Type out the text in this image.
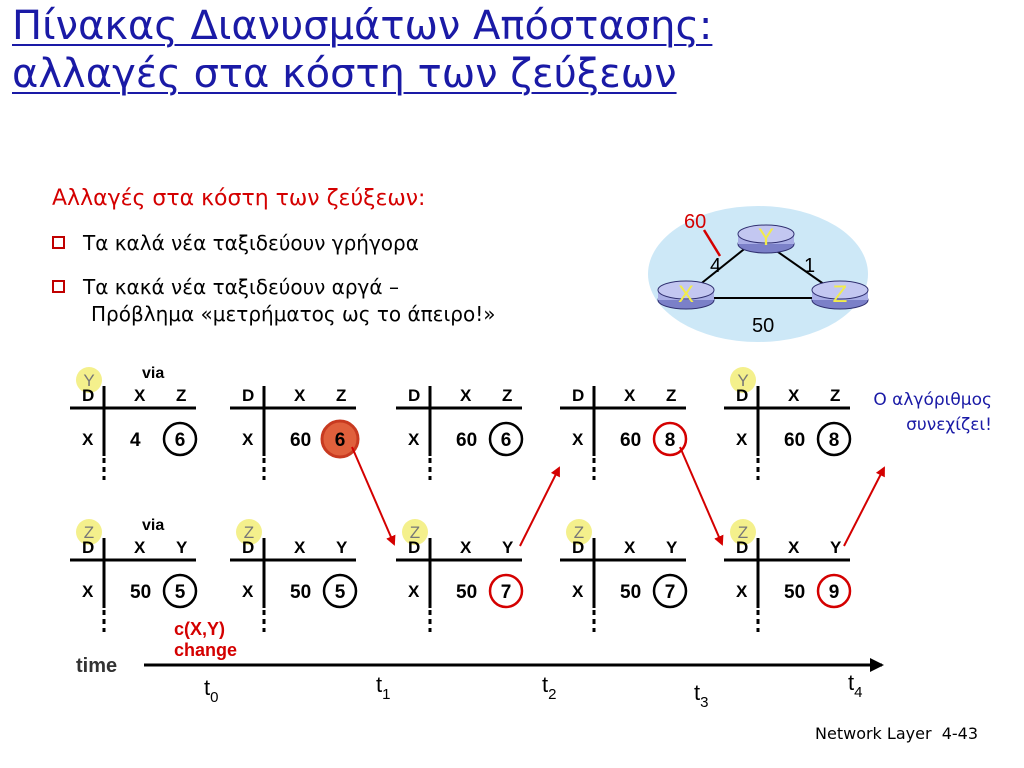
Πίνακας Διανυσμάτων Απόστασης:
αλλαγές στα κόστη των ζεύξεων
Αλλαγές στα κόστη των ζεύξεων:
Τα καλά νέα ταξιδεύουν γρήγορα
Τα κακά νέα ταξιδεύουν αργά –
Πρόβλημα «μετρήματος ως το άπειρο!»
Y
X	Z
60
4	1
50
Ο αλγόριθμος
συνεχίζει!
Y	via
D X Z
X 4 6
D X Z
X 60 6
D X Z
X 60 6
D X Z
X 60 8
Y
D X Z
X 60 8
Z	via
D X Y
X 50 5
Z
D X Y
X 50 5
Z
D X Y
X 50 7
Z
D X Y
X 50 7
Z
D X Y
X 50 9
time
c(X,Y)
change
$t_0$
$t_1$	$t_2$	$t_3$
$t_4$
Network Layer 4-43
